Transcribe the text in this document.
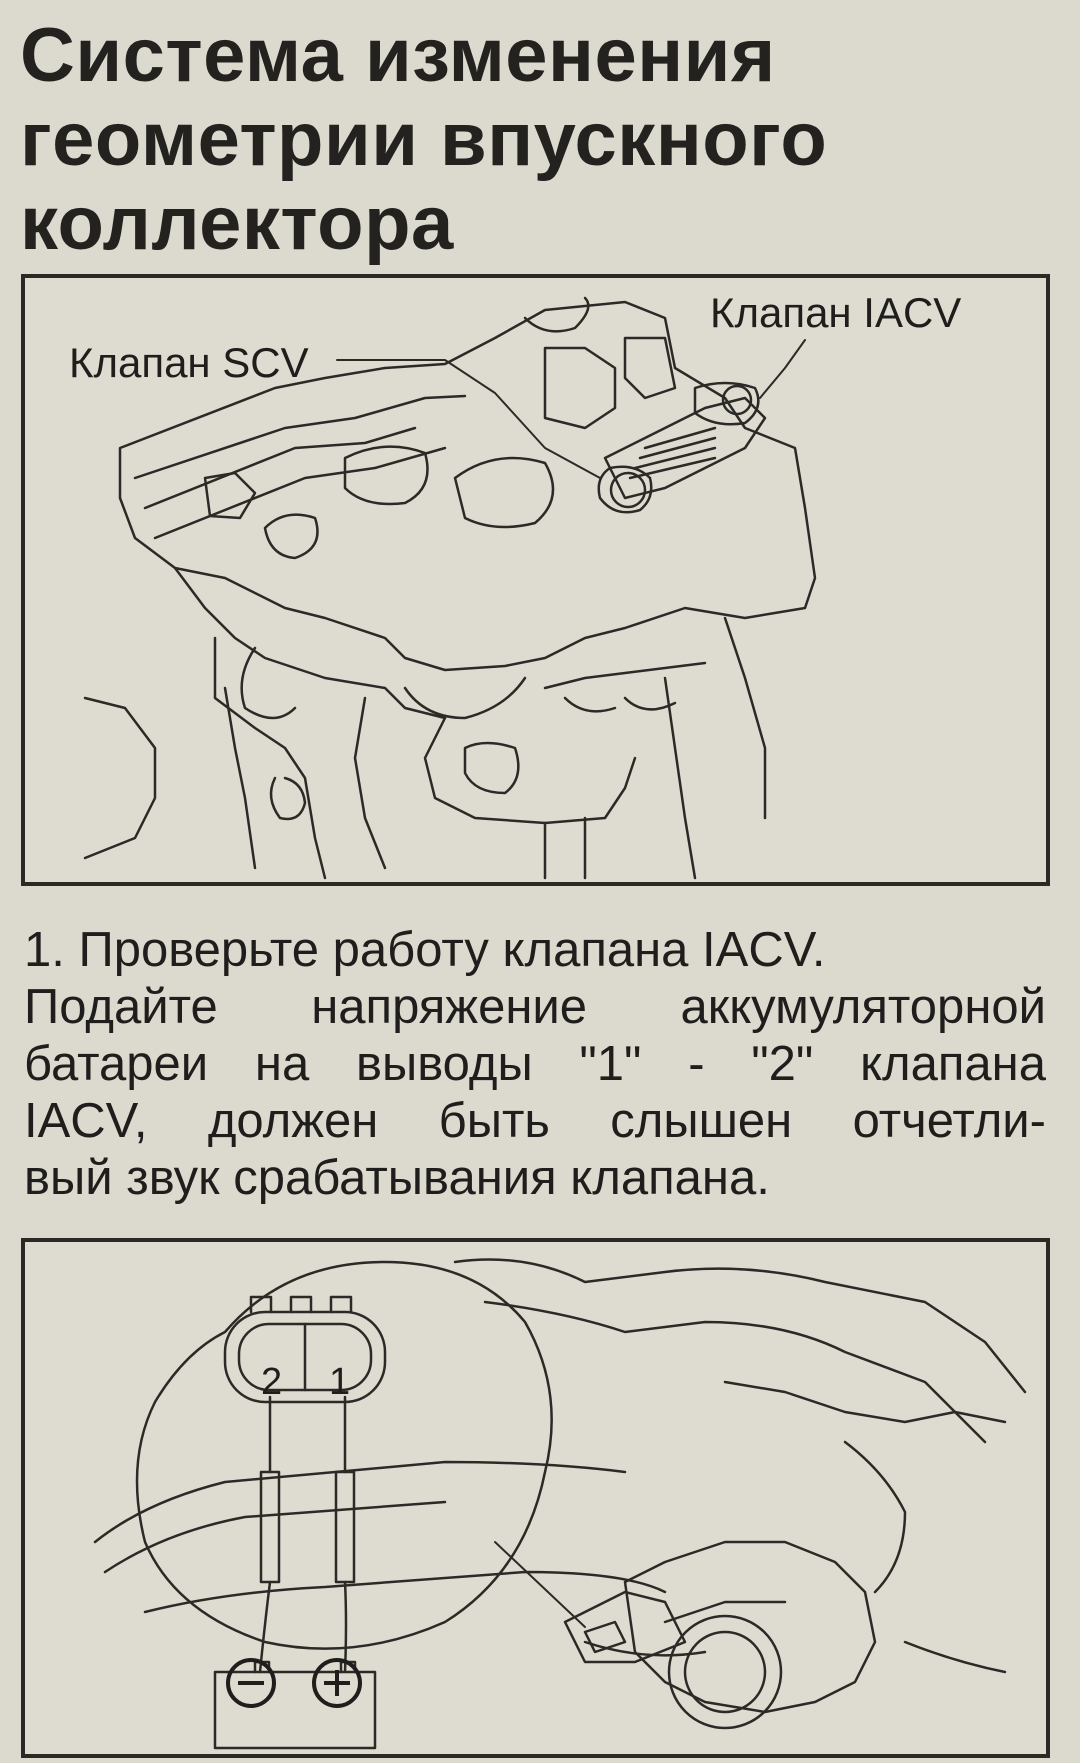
Система изменения
геометрии впускного
коллектора
Клапан IACV
Клапан SCV

1. Проверьте работу клапана IACV.
Подайте напряжение аккумуляторной
батареи на выводы "1" - "2" клапана
IACV, должен быть слышен отчетли-
вый звук срабатывания клапана.

2 1
